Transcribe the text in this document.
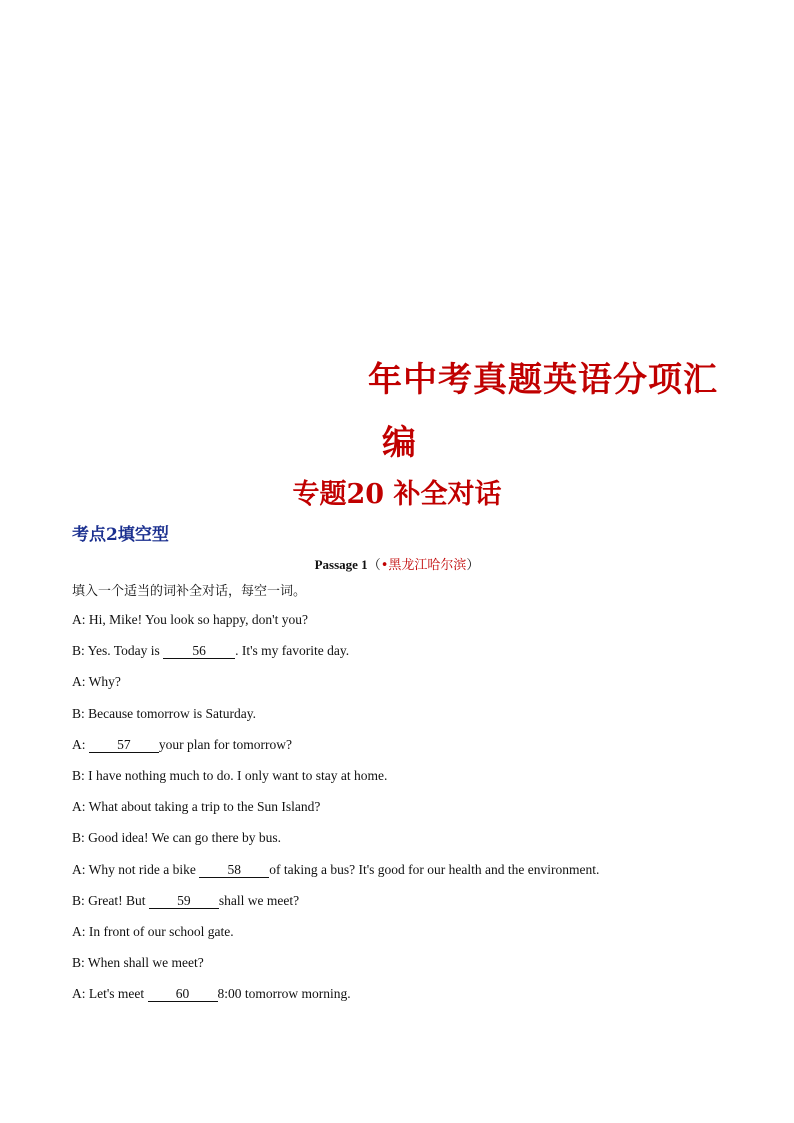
年中考真题英语分项汇
编
专题20 补全对话
考点2填空型
Passage 1（•黑龙江哈尔滨）
填入一个适当的词补全对话，每空一词。
A: Hi, Mike! You look so happy, don't you?
B: Yes. Today is 56 . It's my favorite day.
A: Why?
B: Because tomorrow is Saturday.
A: 57 your plan for tomorrow?
B: I have nothing much to do. I only want to stay at home.
A: What about taking a trip to the Sun Island?
B: Good idea! We can go there by bus.
A: Why not ride a bike 58 of taking a bus? It's good for our health and the environment.
B: Great! But 59 shall we meet?
A: In front of our school gate.
B: When shall we meet?
A: Let's meet 60 8:00 tomorrow morning.
